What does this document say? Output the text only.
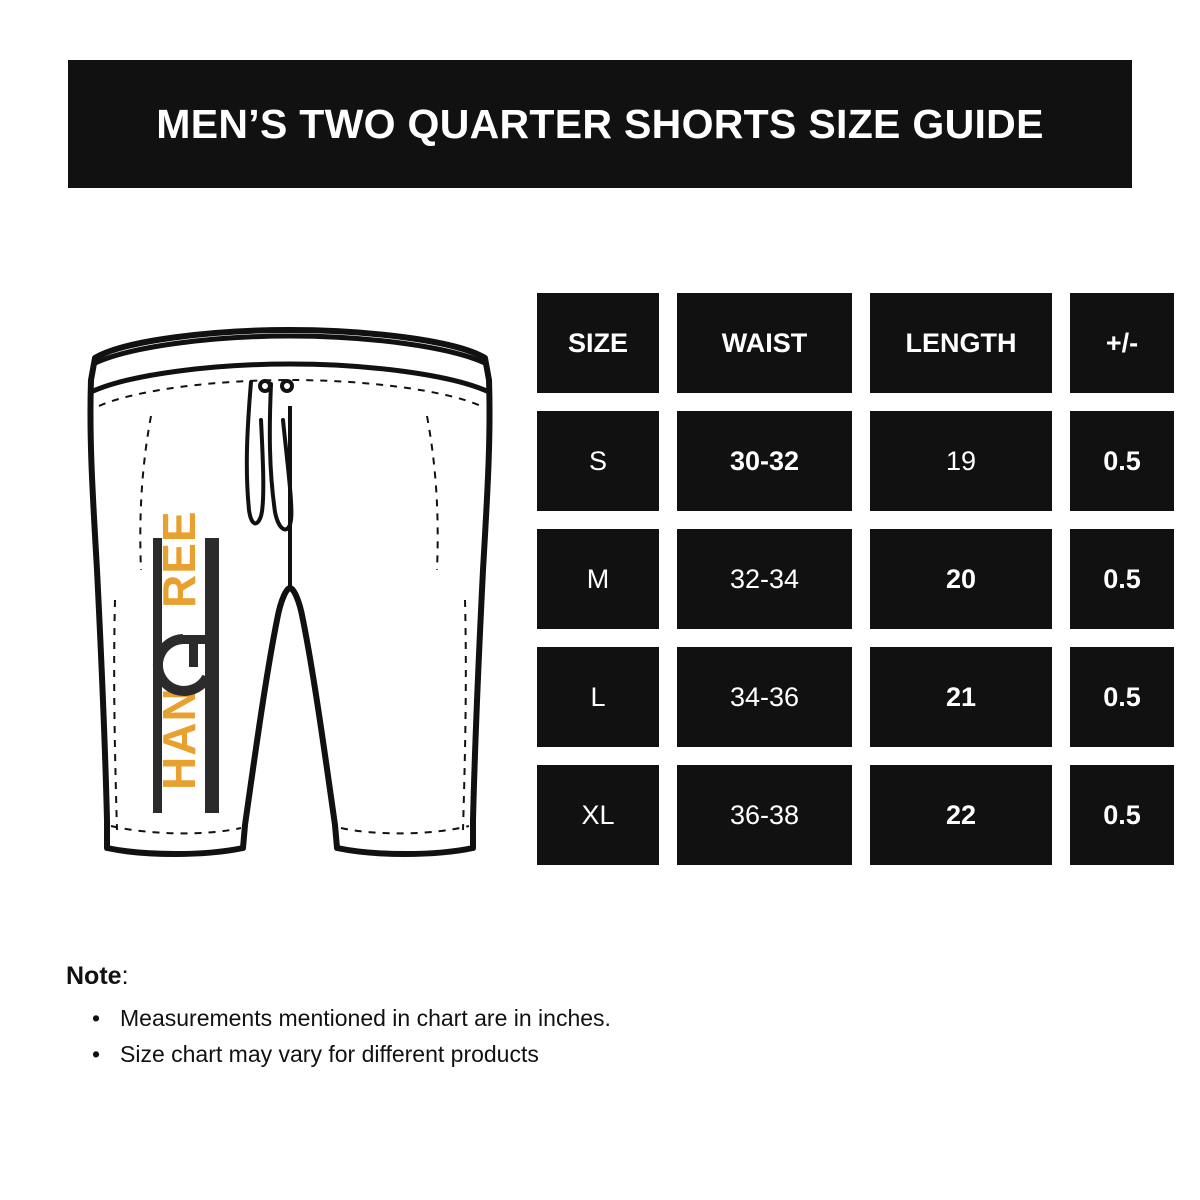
MEN’S TWO QUARTER SHORTS SIZE GUIDE
HAN
REE
SIZE	WAIST	LENGTH	+/-
S	30-32	19	0.5
M	32-34	20	0.5
L	34-36	21	0.5
XL	36-38	22	0.5
Note:
• Measurements mentioned in chart are in inches.
• Size chart may vary for different products
